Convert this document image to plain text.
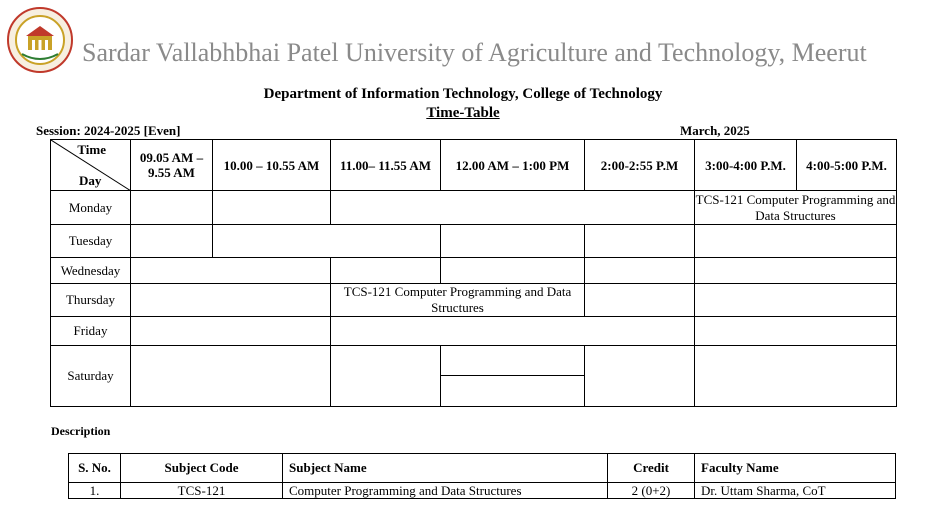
Sardar Vallabhbhai Patel University of Agriculture and Technology, Meerut
Department of Information Technology, College of Technology
Time-Table
Session: 2024-2025 [Even]	March, 2025
Time
Day	09.05 AM – 9.55 AM	10.00 – 10.55 AM	11.00– 11.55 AM	12.00 AM – 1:00 PM	2:00-2:55 P.M	3:00-4:00 P.M.	4:00-5:00 P.M.	
Monday						TCS-121 Computer Programming and Data Structures		
Tuesday								
Wednesday								
Thursday			TCS-121 Computer Programming and Data Structures					
Friday								
Saturday								

Description
S. No.	Subject Code	Subject Name	Credit	Faculty Name
1.	TCS-121	Computer Programming and Data Structures	2 (0+2)	Dr. Uttam Sharma, CoT
